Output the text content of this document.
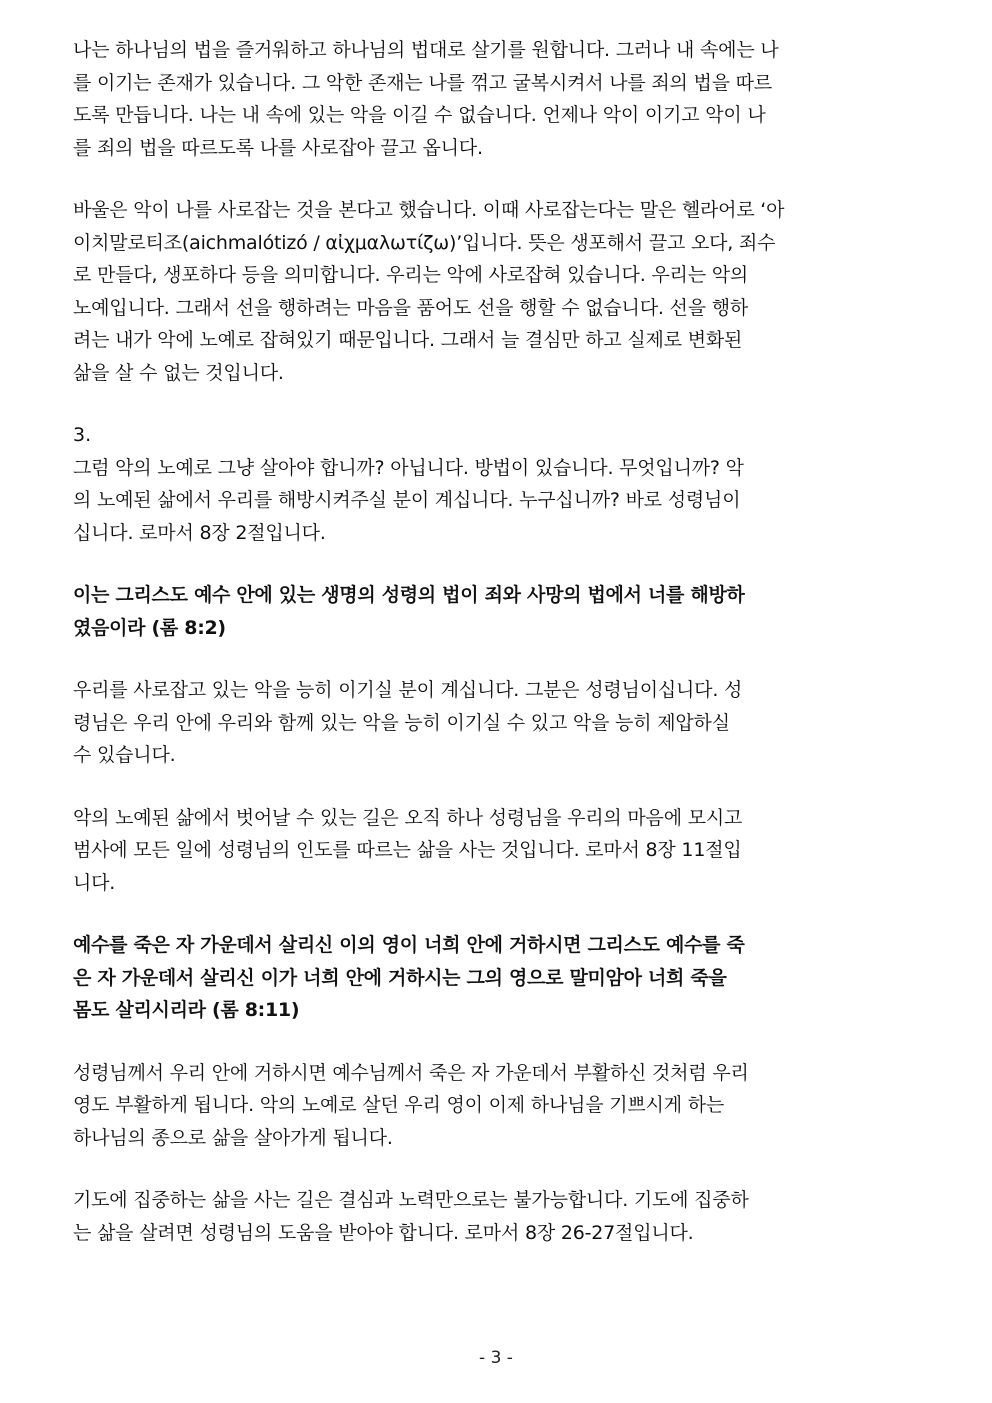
나는 하나님의 법을 즐거워하고 하나님의 법대로 살기를 원합니다. 그러나 내 속에는 나
를 이기는 존재가 있습니다. 그 악한 존재는 나를 꺾고 굴복시켜서 나를 죄의 법을 따르
도록 만듭니다. 나는 내 속에 있는 악을 이길 수 없습니다. 언제나 악이 이기고 악이 나
를 죄의 법을 따르도록 나를 사로잡아 끌고 옵니다.

바울은 악이 나를 사로잡는 것을 본다고 했습니다. 이때 사로잡는다는 말은 헬라어로 ‘아
이치말로티조(aichmalótizó / αἰχμαλωτίζω)’입니다. 뜻은 생포해서 끌고 오다, 죄수
로 만들다, 생포하다 등을 의미합니다. 우리는 악에 사로잡혀 있습니다. 우리는 악의
노예입니다. 그래서 선을 행하려는 마음을 품어도 선을 행할 수 없습니다. 선을 행하
려는 내가 악에 노예로 잡혀있기 때문입니다. 그래서 늘 결심만 하고 실제로 변화된
삶을 살 수 없는 것입니다.

3.

그럼 악의 노예로 그냥 살아야 합니까? 아닙니다. 방법이 있습니다. 무엇입니까? 악
의 노예된 삶에서 우리를 해방시켜주실 분이 계십니다. 누구십니까? 바로 성령님이
십니다. 로마서 8장 2절입니다.

이는 그리스도 예수 안에 있는 생명의 성령의 법이 죄와 사망의 법에서 너를 해방하
였음이라 (롬 8:2)

우리를 사로잡고 있는 악을 능히 이기실 분이 계십니다. 그분은 성령님이십니다. 성
령님은 우리 안에 우리와 함께 있는 악을 능히 이기실 수 있고 악을 능히 제압하실
수 있습니다.

악의 노예된 삶에서 벗어날 수 있는 길은 오직 하나 성령님을 우리의 마음에 모시고
범사에 모든 일에 성령님의 인도를 따르는 삶을 사는 것입니다. 로마서 8장 11절입
니다.

예수를 죽은 자 가운데서 살리신 이의 영이 너희 안에 거하시면 그리스도 예수를 죽
은 자 가운데서 살리신 이가 너희 안에 거하시는 그의 영으로 말미암아 너희 죽을
몸도 살리시리라 (롬 8:11)

성령님께서 우리 안에 거하시면 예수님께서 죽은 자 가운데서 부활하신 것처럼 우리
영도 부활하게 됩니다. 악의 노예로 살던 우리 영이 이제 하나님을 기쁘시게 하는
하나님의 종으로 삶을 살아가게 됩니다.

기도에 집중하는 삶을 사는 길은 결심과 노력만으로는 불가능합니다. 기도에 집중하
는 삶을 살려면 성령님의 도움을 받아야 합니다. 로마서 8장 26-27절입니다.

- 3 -
